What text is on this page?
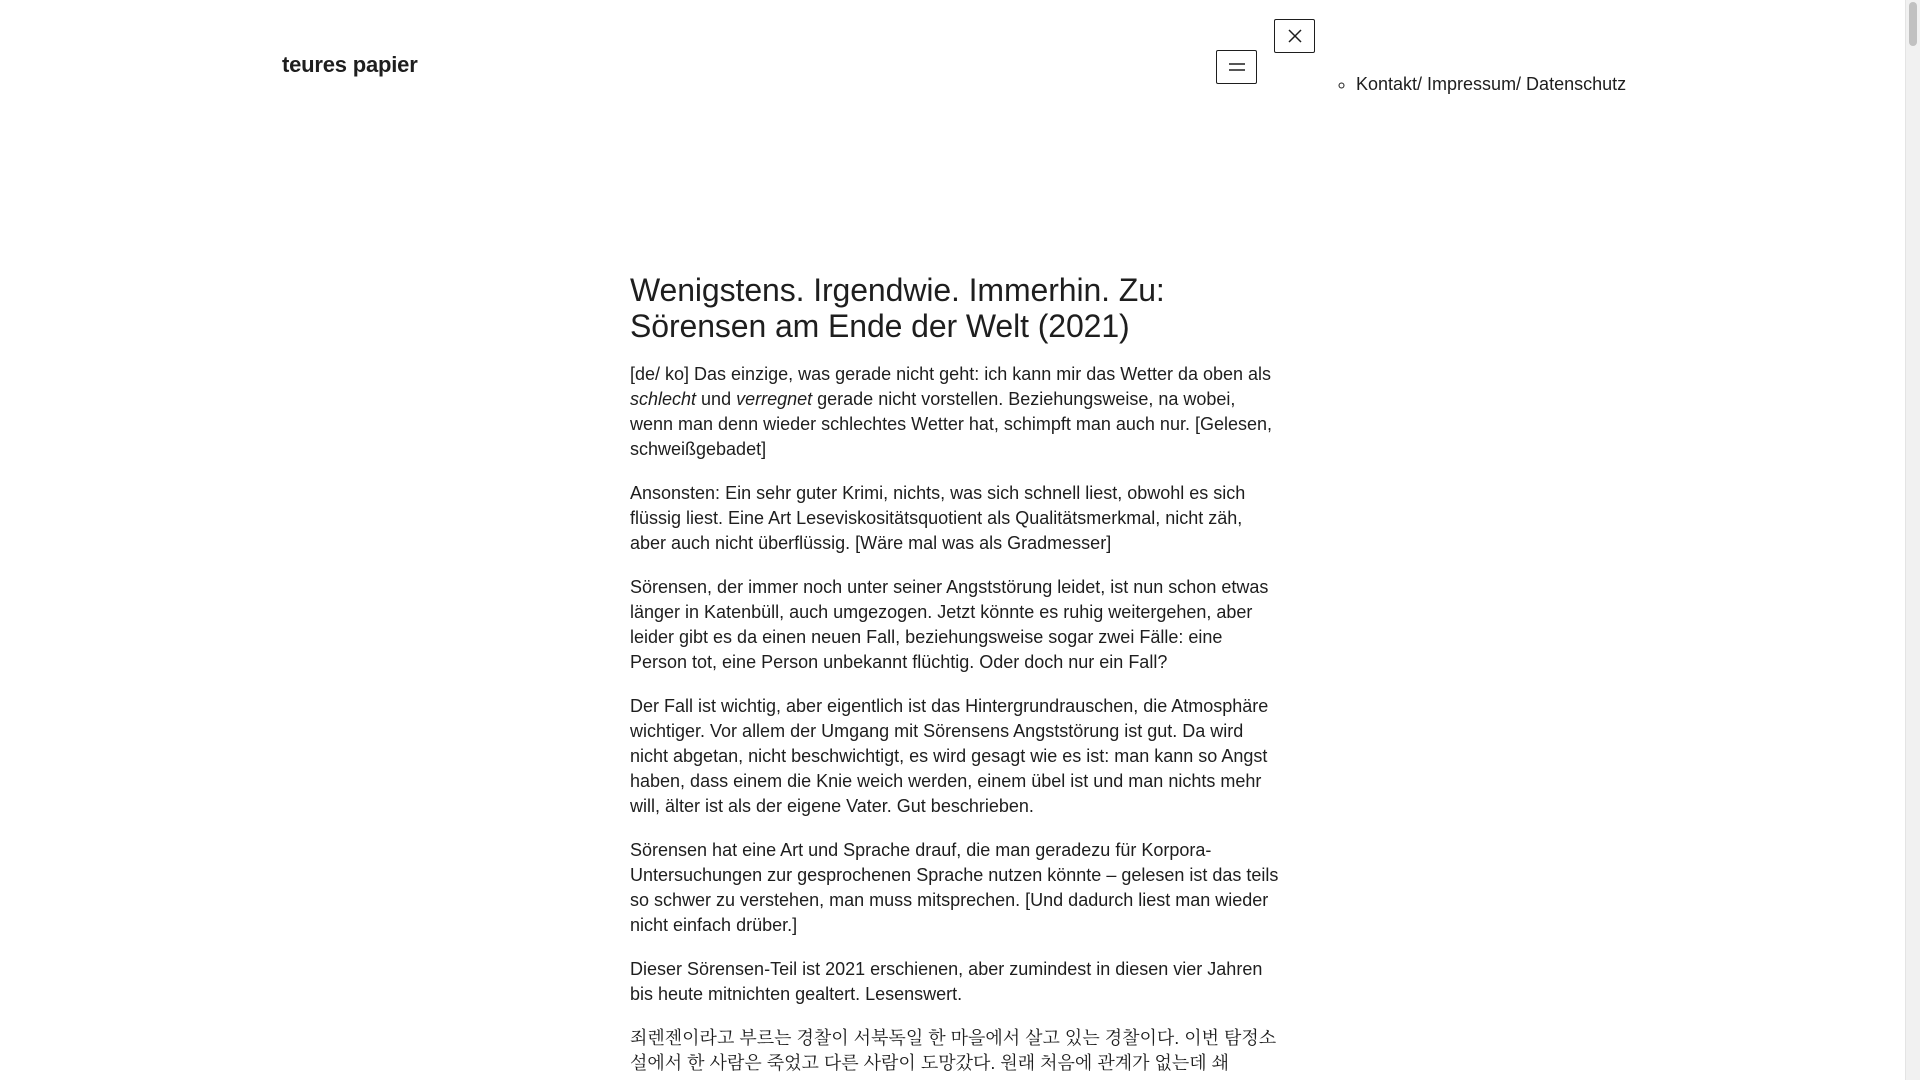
teures papier
◦ Kontakt/ Impressum/ Datenschutz
Wenigstens. Irgendwie. Immerhin. Zu: Sörensen am Ende der Welt (2021)

[de/ ko] Das einzige, was gerade nicht geht: ich kann mir das Wetter da oben als schlecht und verregnet gerade nicht vorstellen. Beziehungsweise, na wobei, wenn man denn wieder schlechtes Wetter hat, schimpft man auch nur. [Gelesen, schweißgebadet]

Ansonsten: Ein sehr guter Krimi, nichts, was sich schnell liest, obwohl es sich flüssig liest. Eine Art Leseviskositätsquotient als Qualitätsmerkmal, nicht zäh, aber auch nicht überflüssig. [Wäre mal was als Gradmesser]

Sörensen, der immer noch unter seiner Angststörung leidet, ist nun schon etwas länger in Katenbüll, auch umgezogen. Jetzt könnte es ruhig weitergehen, aber leider gibt es da einen neuen Fall, beziehungsweise sogar zwei Fälle: eine Person tot, eine Person unbekannt flüchtig. Oder doch nur ein Fall?

Der Fall ist wichtig, aber eigentlich ist das Hintergrundrauschen, die Atmosphäre wichtiger. Vor allem der Umgang mit Sörensens Angststörung ist gut. Da wird nicht abgetan, nicht beschwichtigt, es wird gesagt wie es ist: man kann so Angst haben, dass einem die Knie weich werden, einem übel ist und man nichts mehr will, älter ist als der eigene Vater. Gut beschrieben.

Sörensen hat eine Art und Sprache drauf, die man geradezu für Korpora-Untersuchungen zur gesprochenen Sprache nutzen könnte – gelesen ist das teils so schwer zu verstehen, man muss mitsprechen. [Und dadurch liest man wieder nicht einfach drüber.]

Dieser Sörensen-Teil ist 2021 erschienen, aber zumindest in diesen vier Jahren bis heute mitnichten gealtert. Lesenswert.

죄렌젠이라고 부르는 경찰이 서북독일 한 마을에서 살고 있는 경찰이다. 이번 탐정소설에서 한 사람은 죽었고 다른 사람이 도망갔다. 원래 처음에 관계가 없는데 쇄
